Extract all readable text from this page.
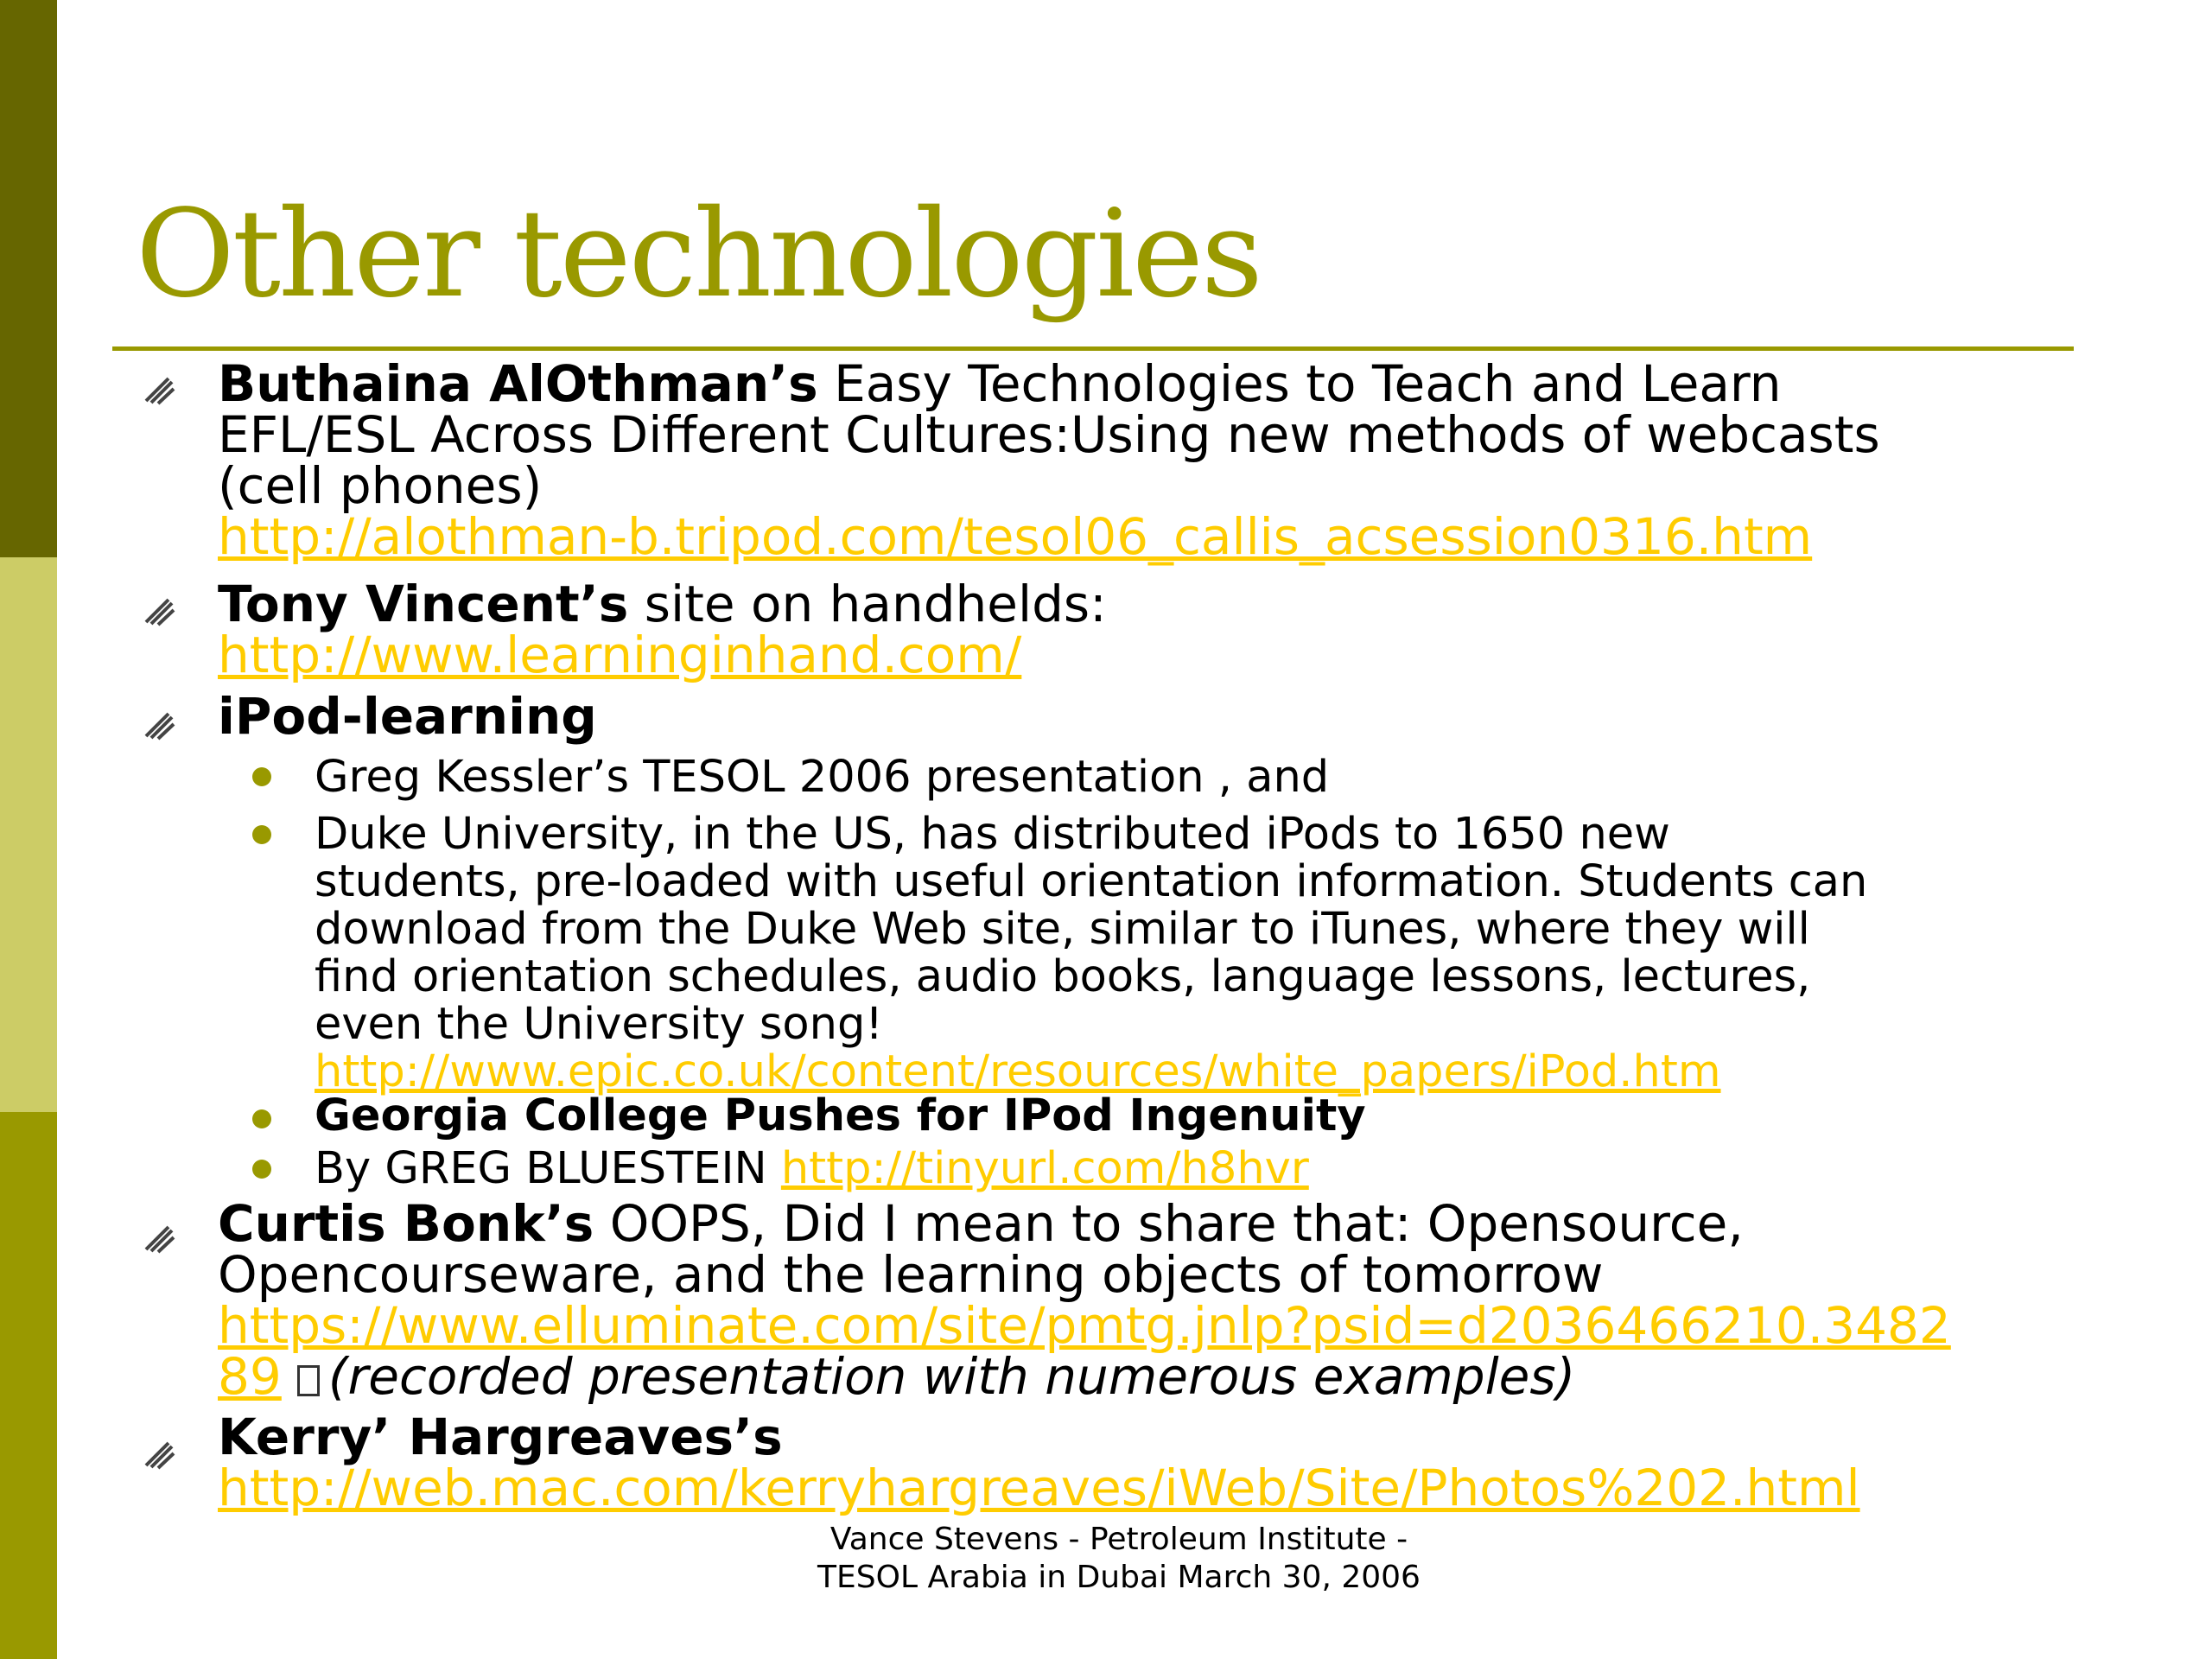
Other technologies
Buthaina AlOthman’s Easy Technologies to Teach and Learn
EFL/ESL Across Different Cultures:Using new methods of webcasts
(cell phones)
http://alothman-b.tripod.com/tesol06_callis_acsession0316.htm
Tony Vincent’s site on handhelds:
http://www.learninginhand.com/
iPod-learning
Greg Kessler’s TESOL 2006 presentation , and
Duke University, in the US, has distributed iPods to 1650 new
students, pre-loaded with useful orientation information. Students can
download from the Duke Web site, similar to iTunes, where they will
find orientation schedules, audio books, language lessons, lectures,
even the University song!
http://www.epic.co.uk/content/resources/white_papers/iPod.htm
Georgia College Pushes for IPod Ingenuity
By GREG BLUESTEIN http://tinyurl.com/h8hvr
Curtis Bonk’s OOPS, Did I mean to share that: Opensource,
Opencourseware, and the learning objects of tomorrow
https://www.elluminate.com/site/pmtg.jnlp?psid=d2036466210.3482
89 (recorded presentation with numerous examples)
Kerry’ Hargreaves’s
http://web.mac.com/kerryhargreaves/iWeb/Site/Photos%202.html
Vance Stevens - Petroleum Institute -
TESOL Arabia in Dubai March 30, 2006
